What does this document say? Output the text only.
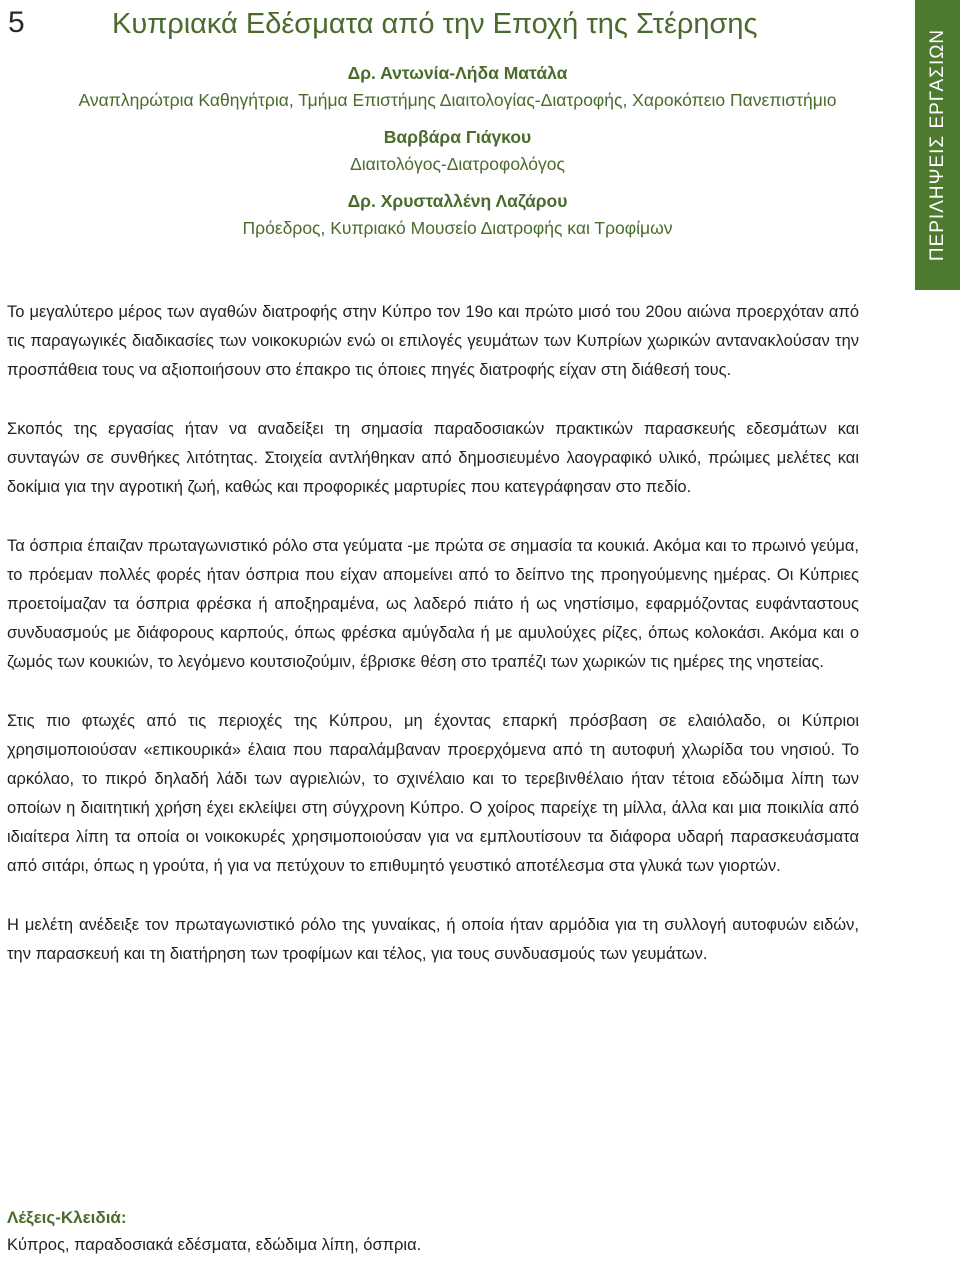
5	Κυπριακά Εδέσματα από την Εποχή της Στέρησης
ΠΕΡΙΛΗΨΕΙΣ ΕΡΓΑΣΙΩΝ
Δρ. Αντωνία-Λήδα Ματάλα
Αναπληρώτρια Καθηγήτρια, Τμήμα Επιστήμης Διαιτολογίας-Διατροφής, Χαροκόπειο Πανεπιστήμιο
Βαρβάρα Γιάγκου
Διαιτολόγος-Διατροφολόγος
Δρ. Χρυσταλλένη Λαζάρου
Πρόεδρος, Κυπριακό Μουσείο Διατροφής και Τροφίμων

Το μεγαλύτερο μέρος των αγαθών διατροφής στην Κύπρο τον 19ο και πρώτο μισό του 20ου αιώνα προερχόταν από τις παραγωγικές διαδικασίες των νοικοκυριών ενώ οι επιλογές γευμάτων των Κυπρίων χωρικών αντανακλούσαν την προσπάθεια τους να αξιοποιήσουν στο έπακρο τις όποιες πηγές διατροφής είχαν στη διάθεσή τους.

Σκοπός της εργασίας ήταν να αναδείξει τη σημασία παραδοσιακών πρακτικών παρασκευής εδεσμάτων και συνταγών σε συνθήκες λιτότητας. Στοιχεία αντλήθηκαν από δημοσιευμένο λαογραφικό υλικό, πρώιμες μελέτες και δοκίμια για την αγροτική ζωή, καθώς και προφορικές μαρτυρίες που κατεγράφησαν στο πεδίο.

Τα όσπρια έπαιζαν πρωταγωνιστικό ρόλο στα γεύματα -με πρώτα σε σημασία τα κουκιά. Ακόμα και το πρωινό γεύμα, το πρόεμαν πολλές φορές ήταν όσπρια που είχαν απομείνει από το δείπνο της προηγούμενης ημέρας. Οι Κύπριες προετοίμαζαν τα όσπρια φρέσκα ή αποξηραμένα, ως λαδερό πιάτο ή ως νηστίσιμο, εφαρμόζοντας ευφάνταστους συνδυασμούς με διάφορους καρπούς, όπως φρέσκα αμύγδαλα ή με αμυλούχες ρίζες, όπως κολοκάσι. Ακόμα και ο ζωμός των κουκιών, το λεγόμενο κουτσιοζούμιν, έβρισκε θέση στο τραπέζι των χωρικών τις ημέρες της νηστείας.

Στις πιο φτωχές από τις περιοχές της Κύπρου, μη έχοντας επαρκή πρόσβαση σε ελαιόλαδο, οι Κύπριοι χρησιμοποιούσαν «επικουρικά» έλαια που παραλάμβαναν προερχόμενα από τη αυτοφυή χλωρίδα του νησιού. Το αρκόλαο, το πικρό δηλαδή λάδι των αγριελιών, το σχινέλαιο και το τερεβινθέλαιο ήταν τέτοια εδώδιμα λίπη των οποίων η διαιτητική χρήση έχει εκλείψει στη σύγχρονη Κύπρο. Ο χοίρος παρείχε τη μίλλα, άλλα και μια ποικιλία από ιδιαίτερα λίπη τα οποία οι νοικοκυρές χρησιμοποιούσαν για να εμπλουτίσουν τα διάφορα υδαρή παρασκευάσματα από σιτάρι, όπως η γρούτα, ή για να πετύχουν το επιθυμητό γευστικό αποτέλεσμα στα γλυκά των γιορτών.

Η μελέτη ανέδειξε τον πρωταγωνιστικό ρόλο της γυναίκας, ή οποία ήταν αρμόδια για τη συλλογή αυτοφυών ειδών, την παρασκευή και τη διατήρηση των τροφίμων και τέλος, για τους συνδυασμούς των γευμάτων.

Λέξεις-Κλειδιά:
Κύπρος, παραδοσιακά εδέσματα, εδώδιμα λίπη, όσπρια.
